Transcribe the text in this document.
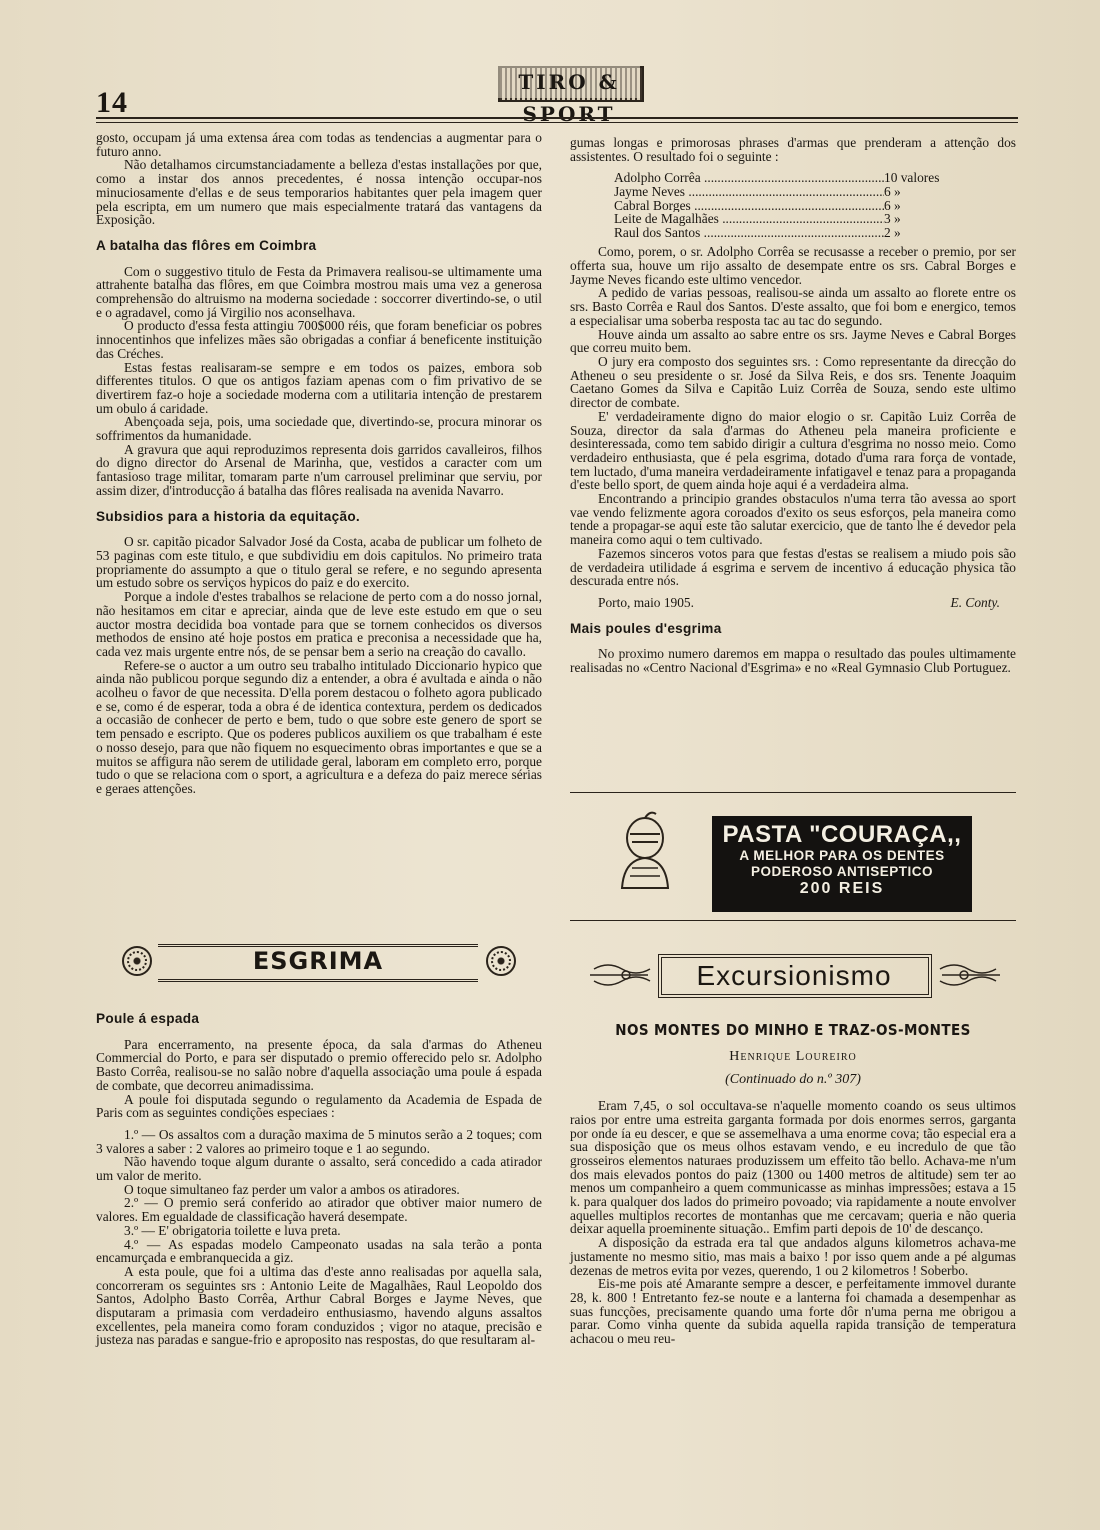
14
TIRO & SPORT

gosto, occupam já uma extensa área com todas as tendencias a augmentar para o futuro anno.

Não detalhamos circumstanciadamente a belleza d'estas installações por que, como a instar dos annos precedentes, é nossa intenção occupar-nos minuciosamente d'ellas e de seus temporarios habitantes quer pela imagem quer pela escripta, em um numero que mais especialmente tratará das vantagens da Exposição.

A batalha das flôres em Coimbra

Com o suggestivo titulo de Festa da Primavera realisou-se ultimamente uma attrahente batalha das flôres, em que Coimbra mostrou mais uma vez a generosa comprehensão do altruismo na moderna sociedade : soccorrer divertindo-se, o util e o agradavel, como já Virgilio nos aconselhava.

O producto d'essa festa attingiu 700$000 réis, que foram beneficiar os pobres innocentinhos que infelizes mães são obrigadas a confiar á beneficente instituição das Créches.

Estas festas realisaram-se sempre e em todos os paizes, embora sob differentes titulos. O que os antigos faziam apenas com o fim privativo de se divertirem faz-o hoje a sociedade moderna com a utilitaria intenção de prestarem um obulo á caridade.

Abençoada seja, pois, uma sociedade que, divertindo-se, procura minorar os soffrimentos da humanidade.

A gravura que aqui reproduzimos representa dois garridos cavalleiros, filhos do digno director do Arsenal de Marinha, que, vestidos a caracter com um fantasioso trage militar, tomaram parte n'um carrousel preliminar que serviu, por assim dizer, d'introducção á batalha das flôres realisada na avenida Navarro.

Subsidios para a historia da equitação.

O sr. capitão picador Salvador José da Costa, acaba de publicar um folheto de 53 paginas com este titulo, e que subdividiu em dois capitulos. No primeiro trata propriamente do assumpto a que o titulo geral se refere, e no segundo apresenta um estudo sobre os serviços hypicos do paiz e do exercito.

Porque a indole d'estes trabalhos se relacione de perto com a do nosso jornal, não hesitamos em citar e apreciar, ainda que de leve este estudo em que o seu auctor mostra decidida boa vontade para que se tornem conhecidos os diversos methodos de ensino até hoje postos em pratica e preconisa a necessidade que ha, cada vez mais urgente entre nós, de se pensar bem a serio na creação do cavallo.

Refere-se o auctor a um outro seu trabalho intitulado Diccionario hypico que ainda não publicou porque segundo diz a entender, a obra é avultada e ainda o não acolheu o favor de que necessita. D'ella porem destacou o folheto agora publicado e se, como é de esperar, toda a obra é de identica contextura, perdem os dedicados a occasião de conhecer de perto e bem, tudo o que sobre este genero de sport se tem pensado e escripto. Que os poderes publicos auxiliem os que trabalham é este o nosso desejo, para que não fiquem no esquecimento obras importantes e que se a muitos se affigura não serem de utilidade geral, laboram em completo erro, porque tudo o que se relaciona com o sport, a agricultura e a defeza do paiz merece sérias e geraes attenções.

ESGRIMA
Poule á espada

Para encerramento, na presente época, da sala d'armas do Atheneu Commercial do Porto, e para ser disputado o premio offerecido pelo sr. Adolpho Basto Corrêa, realisou-se no salão nobre d'aquella associação uma poule á espada de combate, que decorreu animadissima.

A poule foi disputada segundo o regulamento da Academia de Espada de Paris com as seguintes condições especiaes :

1.º — Os assaltos com a duração maxima de 5 minutos serão a 2 toques; com 3 valores a saber : 2 valores ao primeiro toque e 1 ao segundo.

Não havendo toque algum durante o assalto, será concedido a cada atirador um valor de merito.

O toque simultaneo faz perder um valor a ambos os atiradores.

2.º — O premio será conferido ao atirador que obtiver maior numero de valores. Em egualdade de classificação haverá desempate.

3.º — E' obrigatoria toilette e luva preta.

4.º — As espadas modelo Campeonato usadas na sala terão a ponta encamurçada e embranquecida a giz.

A esta poule, que foi a ultima das d'este anno realisadas por aquella sala, concorreram os seguintes srs : Antonio Leite de Magalhães, Raul Leopoldo dos Santos, Adolpho Basto Corrêa, Arthur Cabral Borges e Jayme Neves, que disputaram a primasia com verdadeiro enthusiasmo, havendo alguns assaltos excellentes, pela maneira como foram conduzidos ; vigor no ataque, precisão e justeza nas paradas e sangue-frio e aproposito nas respostas, do que resultaram al-

gumas longas e primorosas phrases d'armas que prenderam a attenção dos assistentes. O resultado foi o seguinte :

Adolpho Corrêa .....	10 valores
Jayme Neves .....	6 »
Cabral Borges .....	6 »
Leite de Magalhães .....	3 »
Raul dos Santos .....	2 »

Como, porem, o sr. Adolpho Corrêa se recusasse a receber o premio, por ser offerta sua, houve um rijo assalto de desempate entre os srs. Cabral Borges e Jayme Neves ficando este ultimo vencedor.

A pedido de varias pessoas, realisou-se ainda um assalto ao florete entre os srs. Basto Corrêa e Raul dos Santos. D'este assalto, que foi bom e energico, temos a especialisar uma soberba resposta tac au tac do segundo.

Houve ainda um assalto ao sabre entre os srs. Jayme Neves e Cabral Borges que correu muito bem.

O jury era composto dos seguintes srs. : Como representante da direcção do Atheneu o seu presidente o sr. José da Silva Reis, e dos srs. Tenente Joaquim Caetano Gomes da Silva e Capitão Luiz Corrêa de Souza, sendo este ultimo director de combate.

E' verdadeiramente digno do maior elogio o sr. Capitão Luiz Corrêa de Souza, director da sala d'armas do Atheneu pela maneira proficiente e desinteressada, como tem sabido dirigir a cultura d'esgrima no nosso meio. Como verdadeiro enthusiasta, que é pela esgrima, dotado d'uma rara força de vontade, tem luctado, d'uma maneira verdadeiramente infatigavel e tenaz para a propaganda d'este bello sport, de quem ainda hoje aqui é a verdadeira alma.

Encontrando a principio grandes obstaculos n'uma terra tão avessa ao sport vae vendo felizmente agora coroados d'exito os seus esforços, pela maneira como tende a propagar-se aqui este tão salutar exercicio, que de tanto lhe é devedor pela maneira como aqui o tem cultivado.

Fazemos sinceros votos para que festas d'estas se realisem a miudo pois são de verdadeira utilidade á esgrima e servem de incentivo á educação physica tão descurada entre nós.

Porto, maio 1905.	E. Conty.
Mais poules d'esgrima

No proximo numero daremos em mappa o resultado das poules ultimamente realisadas no «Centro Nacional d'Esgrima» e no «Real Gymnasio Club Portuguez.

PASTA "COURAÇA,,
A MELHOR PARA OS DENTES
PODEROSO ANTISEPTICO
200 REIS
Excursionismo
NOS MONTES DO MINHO E TRAZ-OS-MONTES
Henrique Loureiro
(Continuado do n.º 307)

Eram 7,45, o sol occultava-se n'aquelle momento coando os seus ultimos raios por entre uma estreita garganta formada por dois enormes serros, garganta por onde ía eu descer, e que se assemelhava a uma enorme cova; tão especial era a sua disposição que os meus olhos estavam vendo, e eu incredulo de que tão grosseiros elementos naturaes produzissem um effeito tão bello. Achava-me n'um dos mais elevados pontos do paiz (1300 ou 1400 metros de altitude) sem ter ao menos um companheiro a quem communicasse as minhas impressões; estava a 15 k. para qualquer dos lados do primeiro povoado; via rapidamente a noute envolver aquelles multiplos recortes de montanhas que me cercavam; queria e não queria deixar aquella proeminente situação.. Emfim parti depois de 10' de descanço.

A disposição da estrada era tal que andados alguns kilometros achava-me justamente no mesmo sitio, mas mais a baixo ! por isso quem ande a pé algumas dezenas de metros evita por vezes, querendo, 1 ou 2 kilometros ! Soberbo.

Eis-me pois até Amarante sempre a descer, e perfeitamente immovel durante 28, k. 800 ! Entretanto fez-se noute e a lanterna foi chamada a desempenhar as suas funcções, precisamente quando uma forte dôr n'uma perna me obrigou a parar. Como vinha quente da subida aquella rapida transição de temperatura achacou o meu reu-
